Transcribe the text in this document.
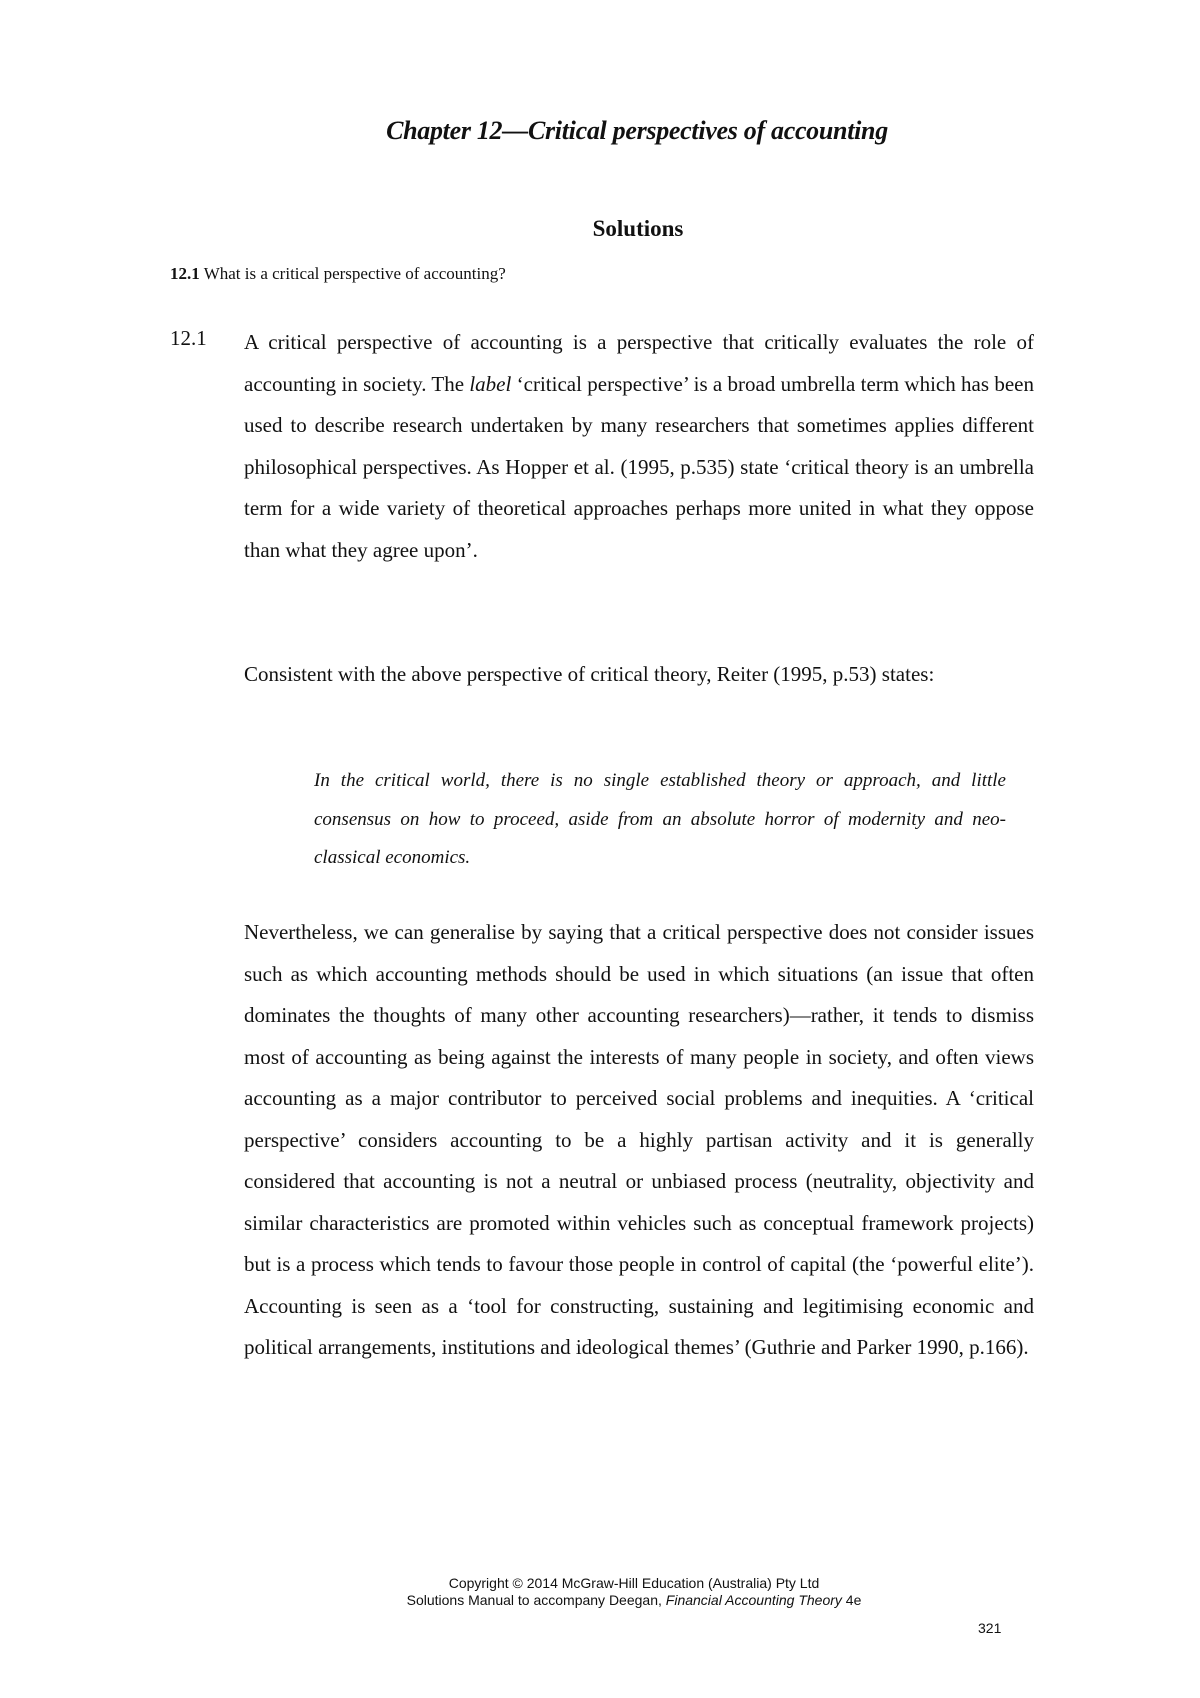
Chapter 12—Critical perspectives of accounting
Solutions
12.1 What is a critical perspective of accounting?
12.1 A critical perspective of accounting is a perspective that critically evaluates the role of accounting in society. The label ‘critical perspective’ is a broad umbrella term which has been used to describe research undertaken by many researchers that sometimes applies different philosophical perspectives. As Hopper et al. (1995, p.535) state ‘critical theory is an umbrella term for a wide variety of theoretical approaches perhaps more united in what they oppose than what they agree upon’.

Consistent with the above perspective of critical theory, Reiter (1995, p.53) states:

In the critical world, there is no single established theory or approach, and little consensus on how to proceed, aside from an absolute horror of modernity and neo-classical economics.

Nevertheless, we can generalise by saying that a critical perspective does not consider issues such as which accounting methods should be used in which situations (an issue that often dominates the thoughts of many other accounting researchers)—rather, it tends to dismiss most of accounting as being against the interests of many people in society, and often views accounting as a major contributor to perceived social problems and inequities. A ‘critical perspective’ considers accounting to be a highly partisan activity and it is generally considered that accounting is not a neutral or unbiased process (neutrality, objectivity and similar characteristics are promoted within vehicles such as conceptual framework projects) but is a process which tends to favour those people in control of capital (the ‘powerful elite’). Accounting is seen as a ‘tool for constructing, sustaining and legitimising economic and political arrangements, institutions and ideological themes’ (Guthrie and Parker 1990, p.166).

Copyright © 2014 McGraw-Hill Education (Australia) Pty Ltd
Solutions Manual to accompany Deegan, Financial Accounting Theory 4e
321
